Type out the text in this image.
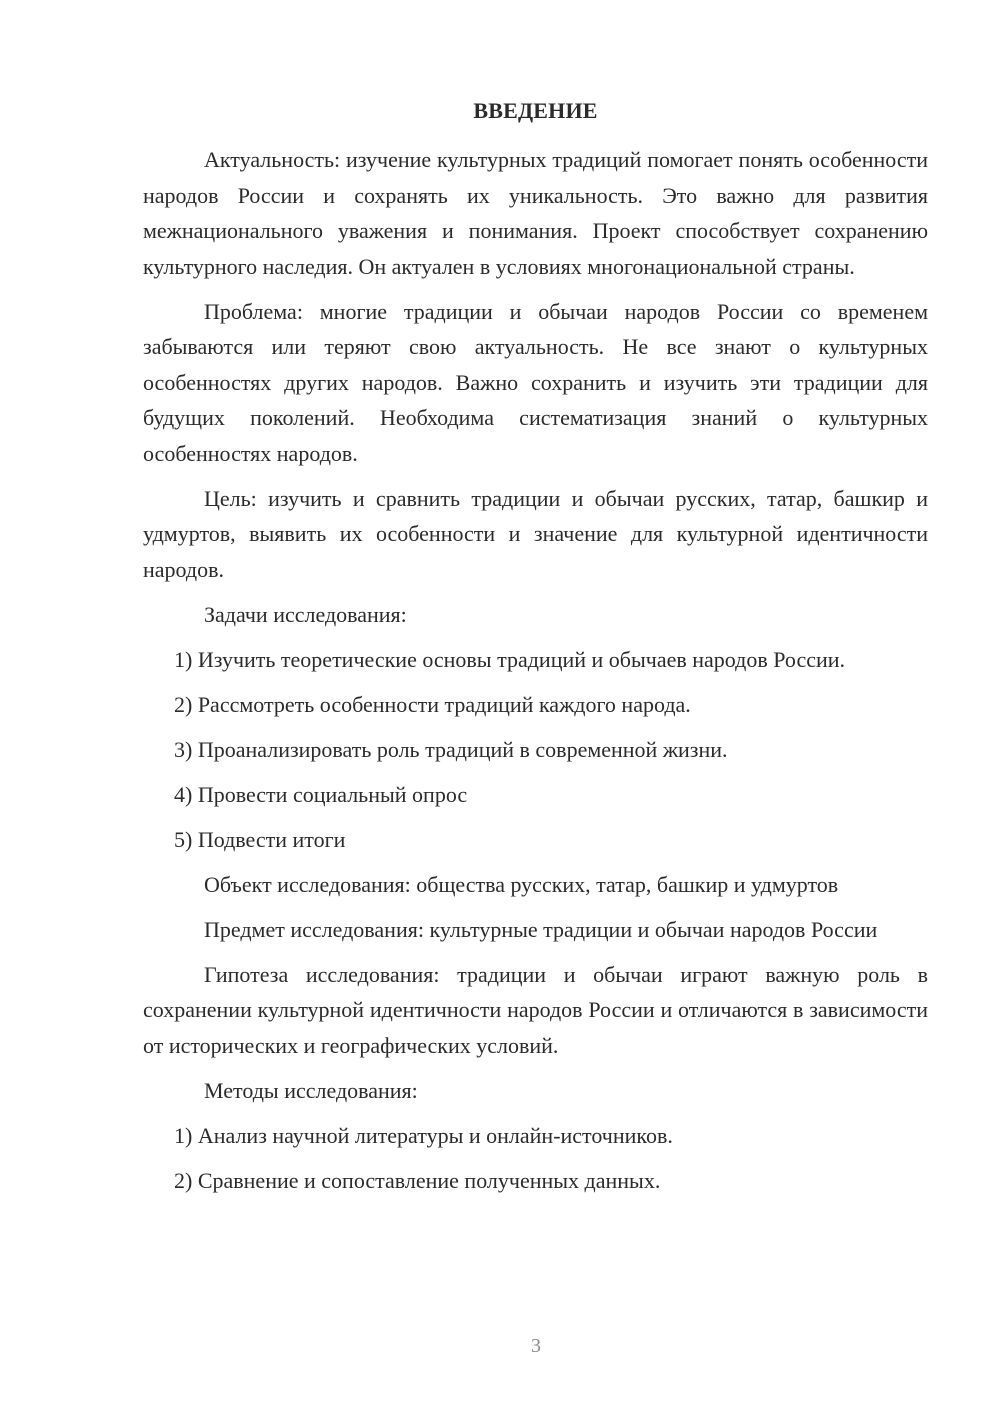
ВВЕДЕНИЕ

Актуальность: изучение культурных традиций помогает понять особенности народов России и сохранять их уникальность. Это важно для развития межнационального уважения и понимания. Проект способствует сохранению культурного наследия. Он актуален в условиях многонациональной страны.

Проблема: многие традиции и обычаи народов России со временем забываются или теряют свою актуальность. Не все знают о культурных особенностях других народов. Важно сохранить и изучить эти традиции для будущих поколений. Необходима систематизация знаний о культурных особенностях народов.

Цель: изучить и сравнить традиции и обычаи русских, татар, башкир и удмуртов, выявить их особенности и значение для культурной идентичности народов.

Задачи исследования:

1) Изучить теоретические основы традиций и обычаев народов России.

2) Рассмотреть особенности традиций каждого народа.

3) Проанализировать роль традиций в современной жизни.

4) Провести социальный опрос

5) Подвести итоги

Объект исследования: общества русских, татар, башкир и удмуртов

Предмет исследования: культурные традиции и обычаи народов России

Гипотеза исследования: традиции и обычаи играют важную роль в сохранении культурной идентичности народов России и отличаются в зависимости от исторических и географических условий.

Методы исследования:

1) Анализ научной литературы и онлайн-источников.

2) Сравнение и сопоставление полученных данных.

3
